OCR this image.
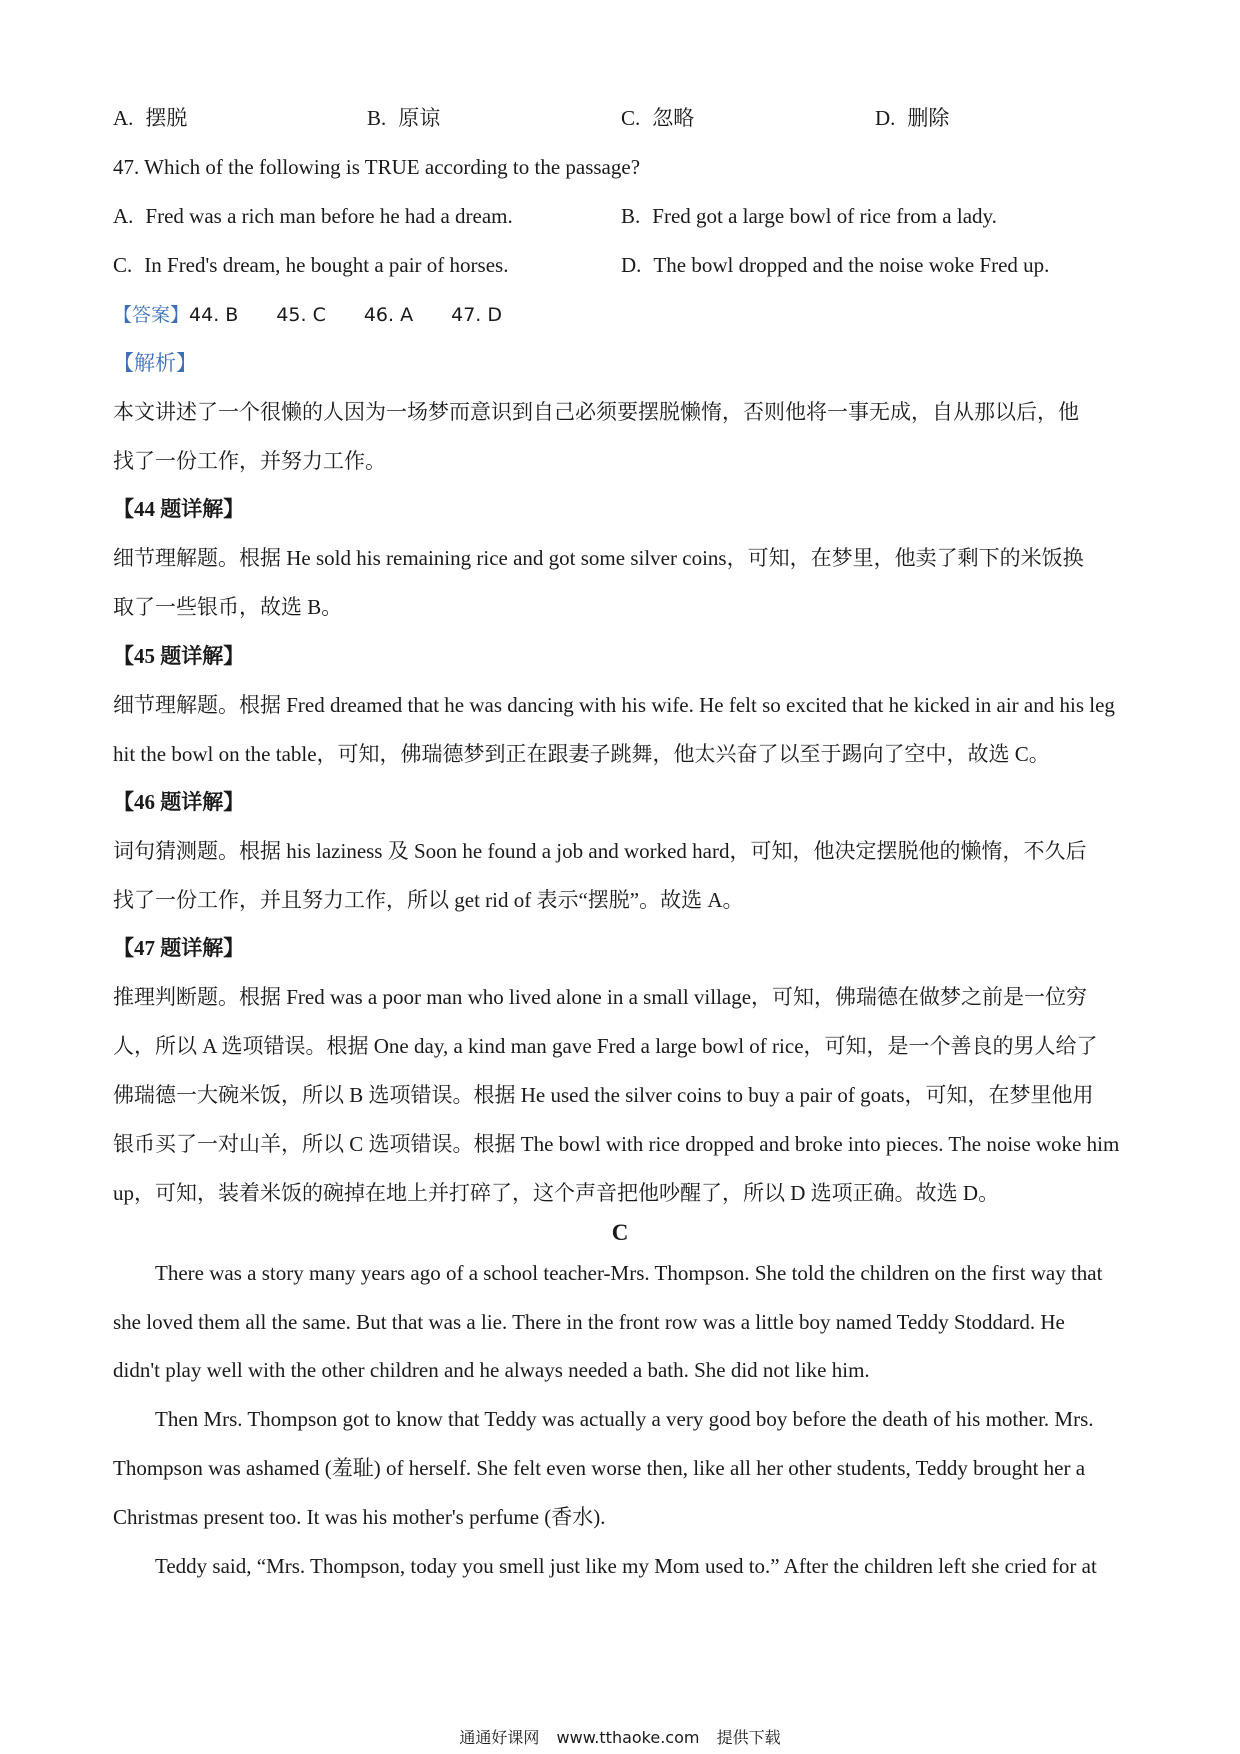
A. 摆脱	B. 原谅	C. 忽略	D. 删除
47. Which of the following is TRUE according to the passage?
A. Fred was a rich man before he had a dream.	B. Fred got a large bowl of rice from a lady.
C. In Fred's dream, he bought a pair of horses.	D. The bowl dropped and the noise woke Fred up.
【答案】44. B 45. C 46. A 47. D
【解析】
本文讲述了一个很懒的人因为一场梦而意识到自己必须要摆脱懒惰，否则他将一事无成，自从那以后，他
找了一份工作，并努力工作。
【44 题详解】
细节理解题。根据 He sold his remaining rice and got some silver coins，可知，在梦里，他卖了剩下的米饭换
取了一些银币，故选 B。
【45 题详解】
细节理解题。根据 Fred dreamed that he was dancing with his wife. He felt so excited that he kicked in air and his leg
hit the bowl on the table，可知，佛瑞德梦到正在跟妻子跳舞，他太兴奋了以至于踢向了空中，故选 C。
【46 题详解】
词句猜测题。根据 his laziness 及 Soon he found a job and worked hard，可知，他决定摆脱他的懒惰，不久后
找了一份工作，并且努力工作，所以 get rid of 表示“摆脱”。故选 A。
【47 题详解】
推理判断题。根据 Fred was a poor man who lived alone in a small village，可知，佛瑞德在做梦之前是一位穷
人，所以 A 选项错误。根据 One day, a kind man gave Fred a large bowl of rice，可知，是一个善良的男人给了
佛瑞德一大碗米饭，所以 B 选项错误。根据 He used the silver coins to buy a pair of goats，可知，在梦里他用
银币买了一对山羊，所以 C 选项错误。根据 The bowl with rice dropped and broke into pieces. The noise woke him
up，可知，装着米饭的碗掉在地上并打碎了，这个声音把他吵醒了，所以 D 选项正确。故选 D。
C
There was a story many years ago of a school teacher-Mrs. Thompson. She told the children on the first way that
she loved them all the same. But that was a lie. There in the front row was a little boy named Teddy Stoddard. He
didn't play well with the other children and he always needed a bath. She did not like him.
Then Mrs. Thompson got to know that Teddy was actually a very good boy before the death of his mother. Mrs.
Thompson was ashamed (羞耻) of herself. She felt even worse then, like all her other students, Teddy brought her a
Christmas present too. It was his mother's perfume (香水).
Teddy said, “Mrs. Thompson, today you smell just like my Mom used to.” After the children left she cried for at
通通好课网 www.tthaoke.com 提供下载
